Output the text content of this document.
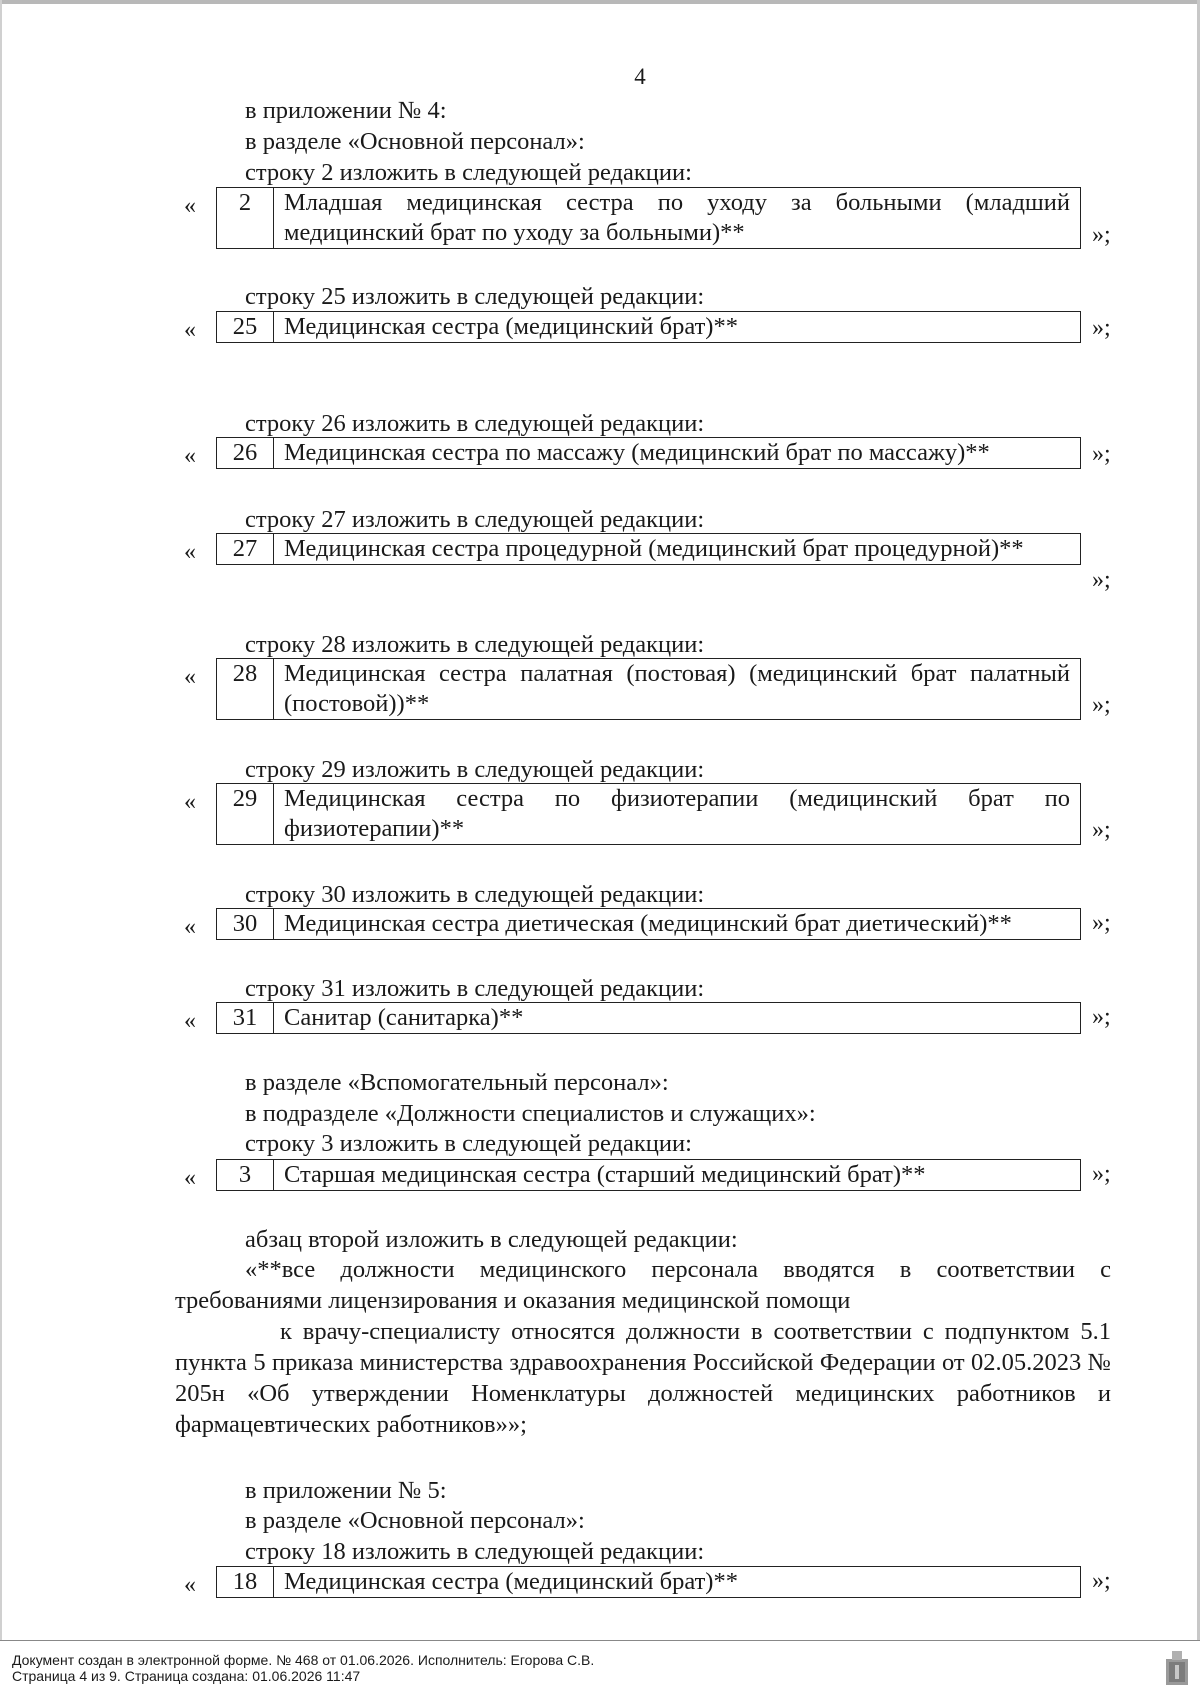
4
в приложении № 4:
в разделе «Основной персонал»:
строку 2 изложить в следующей редакции:
«	2	Младшая медицинская сестра по уходу за больными (младший медицинский брат по уходу за больными)**	»;
строку 25 изложить в следующей редакции:
«	25	Медицинская сестра (медицинский брат)**	»;
строку 26 изложить в следующей редакции:
«	26	Медицинская сестра по массажу (медицинский брат по массажу)**	»;
строку 27 изложить в следующей редакции:
«	27	Медицинская сестра процедурной (медицинский брат процедурной)**
»;
строку 28 изложить в следующей редакции:
«	28	Медицинская сестра палатная (постовая) (медицинский брат палатный (постовой))**	»;
строку 29 изложить в следующей редакции:
«	29	Медицинская сестра по физиотерапии (медицинский брат по физиотерапии)**	»;
строку 30 изложить в следующей редакции:
«	30	Медицинская сестра диетическая (медицинский брат диетический)**	»;
строку 31 изложить в следующей редакции:
«	31	Санитар (санитарка)**	»;
в разделе «Вспомогательный персонал»:
в подразделе «Должности специалистов и служащих»:
строку 3 изложить в следующей редакции:
«	3	Старшая медицинская сестра (старший медицинский брат)**	»;
абзац второй изложить в следующей редакции:
«**все должности медицинского персонала вводятся в соответствии с требованиями лицензирования и оказания медицинской помощи
к врачу-специалисту относятся должности в соответствии с подпунктом 5.1 пункта 5 приказа министерства здравоохранения Российской Федерации от 02.05.2023 № 205н «Об утверждении Номенклатуры должностей медицинских работников и фармацевтических работников»»;
в приложении № 5:
в разделе «Основной персонал»:
строку 18 изложить в следующей редакции:
«	18	Медицинская сестра (медицинский брат)**	»;
Документ создан в электронной форме. № 468 от 01.06.2026. Исполнитель: Егорова С.В.
Страница 4 из 9. Страница создана: 01.06.2026 11:47
